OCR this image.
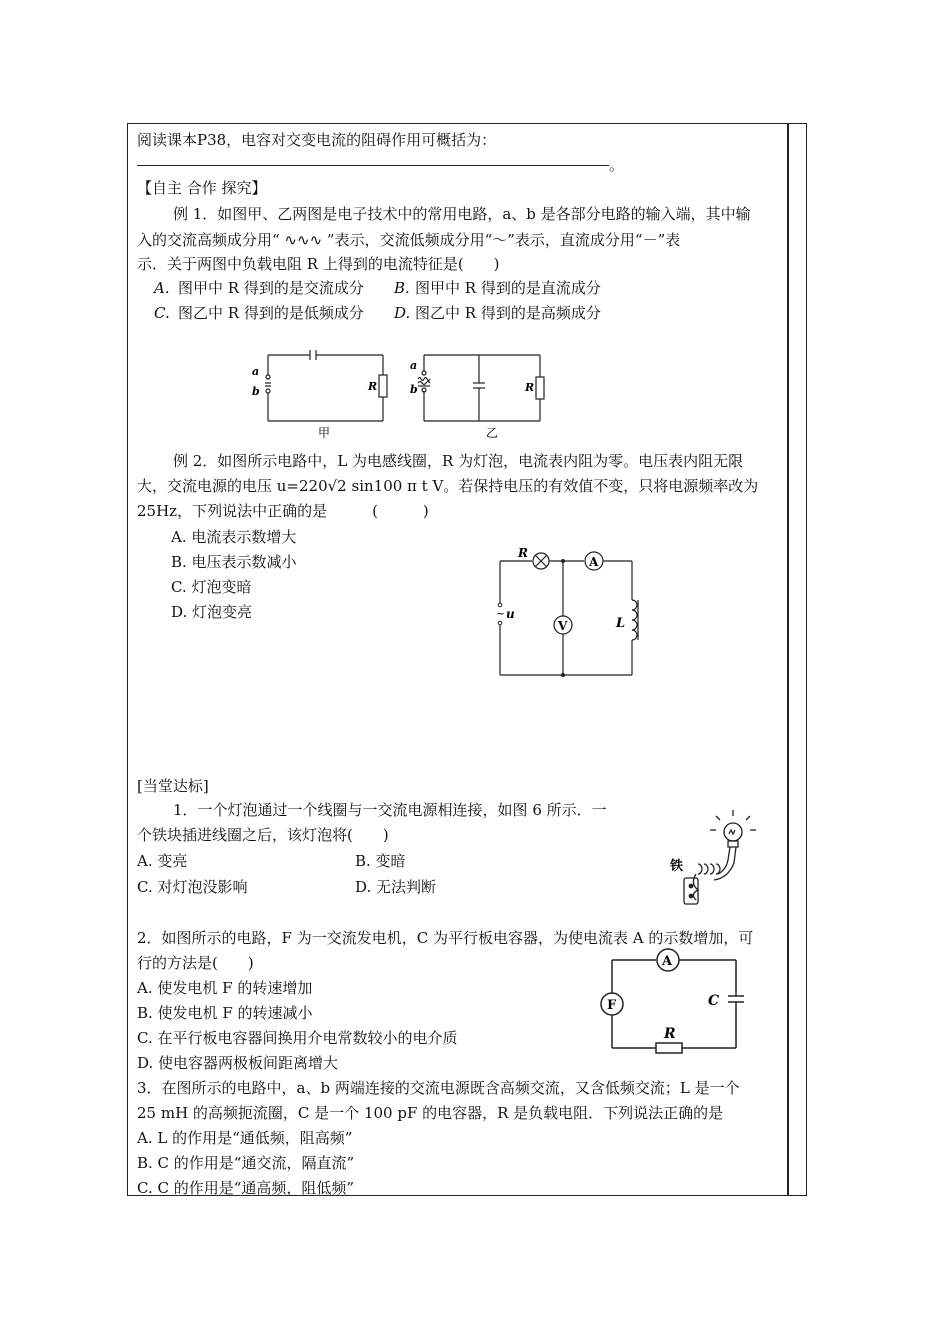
阅读课本P38，电容对交变电流的阻碍作用可概括为：
。
【自主 合作 探究】
例 1．如图甲、乙两图是电子技术中的常用电路，a、b 是各部分电路的输入端，其中输
入的交流高频成分用“ ∿∿∿ ”表示，交流低频成分用“～”表示，直流成分用“－”表
示．关于两图中负载电阻 R 上得到的电流特征是(　　)
A. 图甲中 R 得到的是交流成分 B. 图甲中 R 得到的是直流成分
C. 图乙中 R 得到的是低频成分 D. 图乙中 R 得到的是高频成分
a
b	R
甲
a
b	R
乙
例 2．如图所示电路中，L 为电感线圈，R 为灯泡，电流表内阻为零。电压表内阻无限
大，交流电源的电压 u=220√2 sin100 π t V。若保持电压的有效值不变，只将电源频率改为
25Hz，下列说法中正确的是　　　(　　　)
A. 电流表示数增大
B. 电压表示数减小
C. 灯泡变暗
D. 灯泡变亮
R
A
V
~ u
L
[当堂达标]
1．一个灯泡通过一个线圈与一交流电源相连接，如图 6 所示．一
个铁块插进线圈之后，该灯泡将(　　)
A. 变亮	B. 变暗
C. 对灯泡没影响	D. 无法判断
铁
2．如图所示的电路，F 为一交流发电机，C 为平行板电容器，为使电流表 A 的示数增加，可
行的方法是(　　)
A. 使发电机 F 的转速增加
B. 使发电机 F 的转速减小
C. 在平行板电容器间换用介电常数较小的电介质
D. 使电容器两极板间距离增大
A
F	C
R
3．在图所示的电路中，a、b 两端连接的交流电源既含高频交流，又含低频交流；L 是一个
25 mH 的高频扼流圈，C 是一个 100 pF 的电容器，R 是负载电阻．下列说法正确的是
A. L 的作用是“通低频，阻高频”
B. C 的作用是“通交流，隔直流”
C. C 的作用是“通高频，阻低频”
